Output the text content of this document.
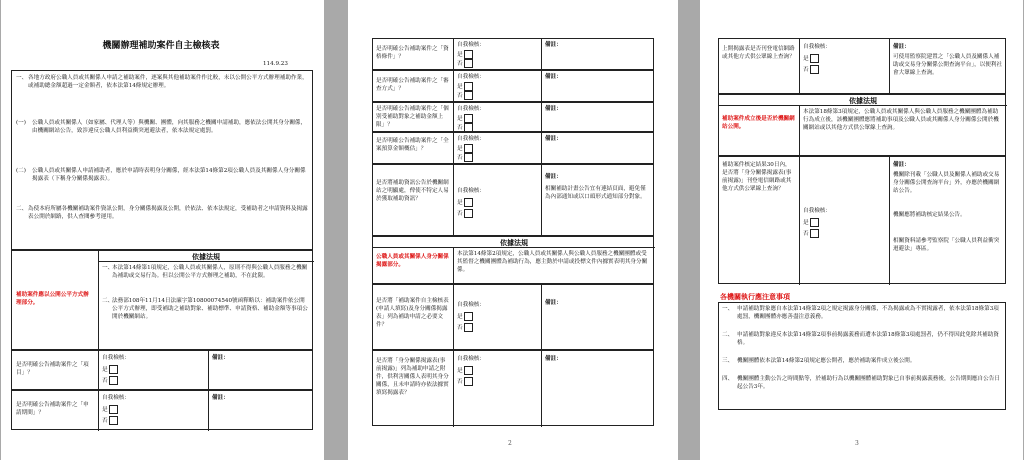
機關辦理補助案件自主檢核表
114.9.23
一、 各地方政府公職人員或其關係人申請之補助案件，逐案與其他補助案件作比較，未以公開公平方式辦理補助作業，或補助總金額超過一定金額者，依本法第14條規定辦理。
(一)	公職人員或其關係人（如家屬、代理人等）與機關、團體，向其服務之機關申請補助，應依法公開其身分關係，由機關網站公告，致涉違反公職人員利益衝突迴避法者，依本法規定處罰。
(二)	公職人員或其關係人申請補助者，應於申請時表明身分關係，經本法第14條第2項公職人員及其關係人身分關係揭露表（下稱身分關係揭露表）。
二、 為使本府所屬各機關補助案件資訊公開，身分關係揭露及公開，於依法、依本法規定，受補助者之申請資料及揭露表公開於網路，供人查閱參考運用。
依據法規
補助案件應以公開公平方式辦理部分。
一、
本法第14條第1項規定，公職人員或其關係人，原則不得與公職人員服務之機關為補助或交易行為。但以公開公平方式辦理之補助，不在此限。
二、
法務部108年11月14日法廉字第10800074540號函釋略以：補助案件依公開公平方式辦理，即受補助之補助對象、補助標準、申請資格、補助金額等事項公開於機關網站。
是否明確公告補助案件之「項目」？
自我檢核：
是
否
備註：
是否明確公告補助案件之「申請期間」？
自我檢核：
是
否
備註：
是否明確公告補助案件之「資格條件」？
自我檢核：
是
否
備註：
是否明確公告補助案件之「審查方式」？
自我檢核：
是
否
備註：
是否明確公告補助案件之「個別受補助對象之補助金額上限」？
自我檢核：
是
否
備註：
是否明確公告補助案件之「全案預算金額概估」？
自我檢核：
是
否
備註：
是否將補助資訊公告於機關網站之明顯處，俾使不特定人易於獲取補助資訊？
自我檢核：
是
否
備註：
相關補助計畫公告宜有連結頁面，避免僅為內部通知或以口頭形式通知部分對象。
依據法規
公職人員或其關係人身分關係揭露部分。
本法第14條第2項規定，公職人員或其關係人與公職人員服務之機關團體或受其監督之機關團體為補助行為，應主動於申請或投標文件內據實表明其身分關係。
是否將「補助案件自主檢核表(申請人填寫)及身分關係揭露表」列為補助申請之必要文件？
自我檢核：
是
否
備註：
是否將「身分關係揭露表(事前揭露)」列為補助申請之附件，供利害關係人表明其身分關係，且未申請時亦依法據實填寫揭露表？
自我檢核：
是
否
備註：
2
上開揭露表是否刊登電信網路或其他方式供公眾線上查詢？
自我檢核：
是
否
備註：
可使用監察院建置之「公職人員及關係人補助或交易身分關係公開查詢平台」，以便利社會大眾線上查詢。
依據法規
補助案件成立後是否於機關網站公開。
本法第18條第3項規定，公職人員或其關係人與公職人員服務之機關團體為補助行為成立後，該機關團體應將補助事項及公職人員或其關係人身分關係公開於機關網站或以其他方式供公眾線上查詢。
補助案件核定結果30日內，是否將「身分關係揭露表(事前揭露)」刊登電信網路或其他方式供公眾線上查詢？
自我檢核：
是
否
備註：
機關除刊載「公職人員及關係人補助或交易身分關係公開查詢平台」外，亦應於機關網站公告。
機關應將補助核定結果公告。
相關資料請參考監察院「公職人員利益衝突迴避法」專區。
各機關執行應注意事項
一、 申請補助對象應自本法第14條第2項之規定揭露身分關係，不為揭露或為不實揭露者，依本法第18條第3項處罰，機關團體亦應善盡注意義務。
二、 申請補助對象違反本法第14條第2項事前揭露義務而遭本法第18條第3項處罰者，仍不得因此免除其補助資格。
三、 機關團體依本法第14條第2項規定應公開者，應於補助案件成立後公開。
四、 機關團體主動公告之時間點等，於補助行為以機關團體補助對象已自事前揭露義務後，公告期間應自公告日起公告3年。
3
